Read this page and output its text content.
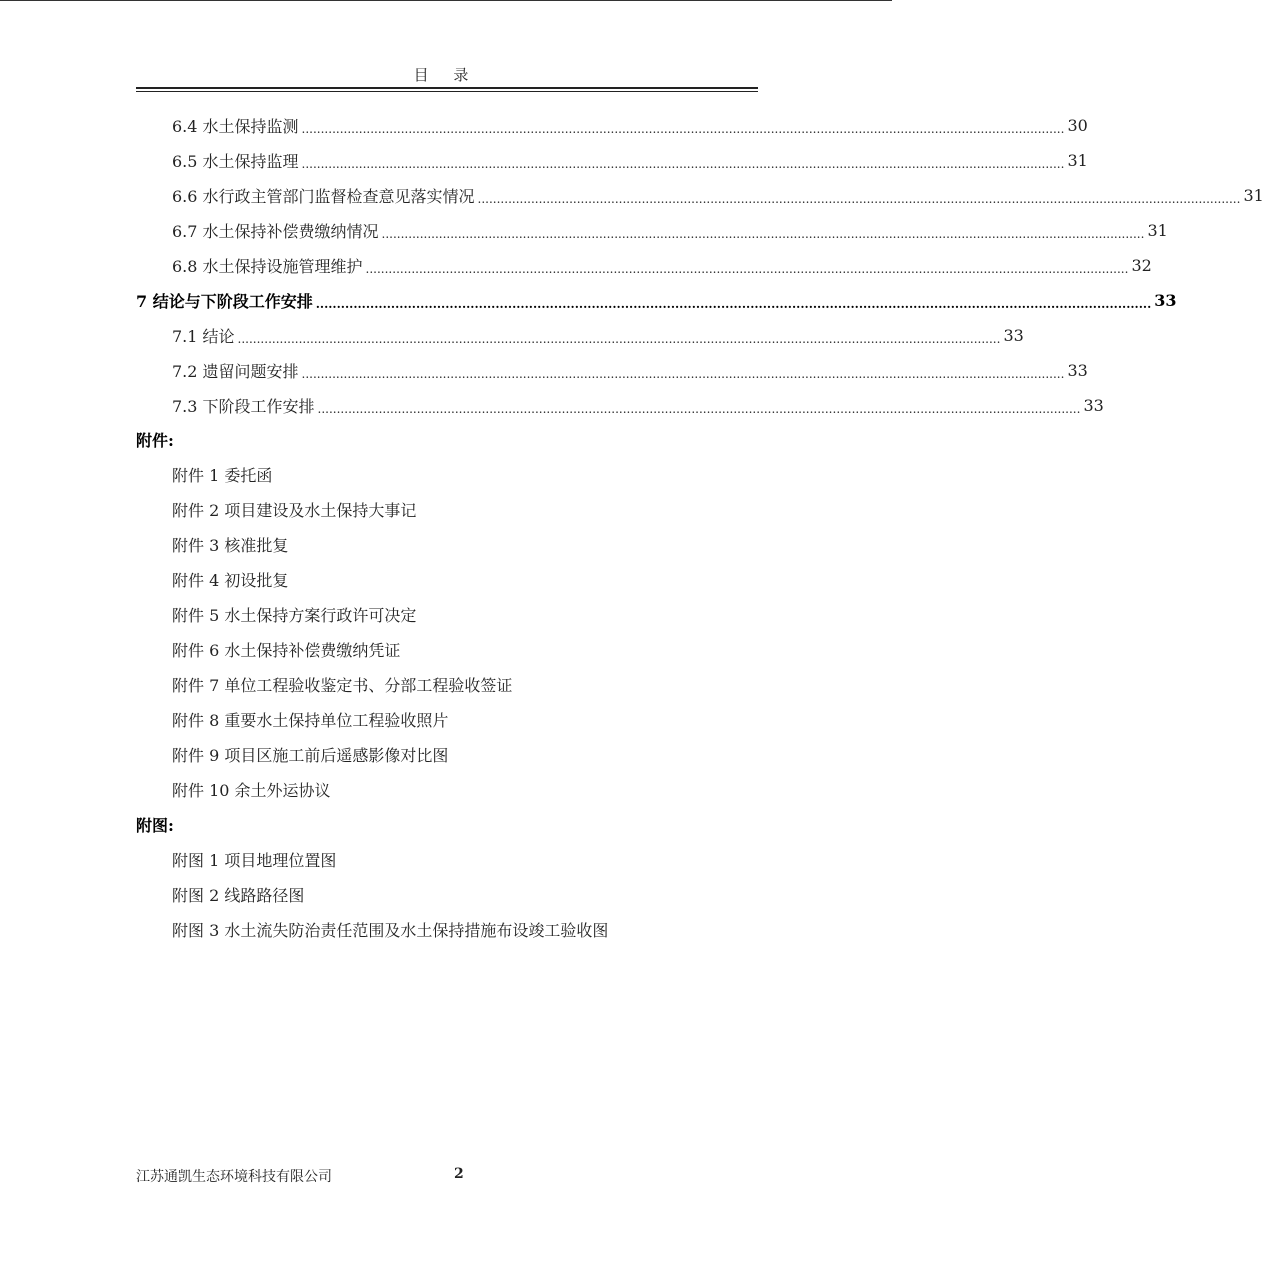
目 录
6.4 水土保持监测 ........................................................................................................................................................................................................ 30
6.5 水土保持监理 ........................................................................................................................................................................................................ 31
6.6 水行政主管部门监督检查意见落实情况 ........................................................................................................................................................................................................ 31
6.7 水土保持补偿费缴纳情况 ........................................................................................................................................................................................................ 31
6.8 水土保持设施管理维护 ........................................................................................................................................................................................................ 32
7 结论与下阶段工作安排 ........................................................................................................................................................................................................ 33
7.1 结论 ........................................................................................................................................................................................................ 33
7.2 遗留问题安排 ........................................................................................................................................................................................................ 33
7.3 下阶段工作安排 ........................................................................................................................................................................................................ 33
附件:
附件 1 委托函
附件 2 项目建设及水土保持大事记
附件 3 核准批复
附件 4 初设批复
附件 5 水土保持方案行政许可决定
附件 6 水土保持补偿费缴纳凭证
附件 7 单位工程验收鉴定书、分部工程验收签证
附件 8 重要水土保持单位工程验收照片
附件 9 项目区施工前后遥感影像对比图
附件 10 余土外运协议
附图:
附图 1 项目地理位置图
附图 2 线路路径图
附图 3 水土流失防治责任范围及水土保持措施布设竣工验收图
江苏通凯生态环境科技有限公司	2
